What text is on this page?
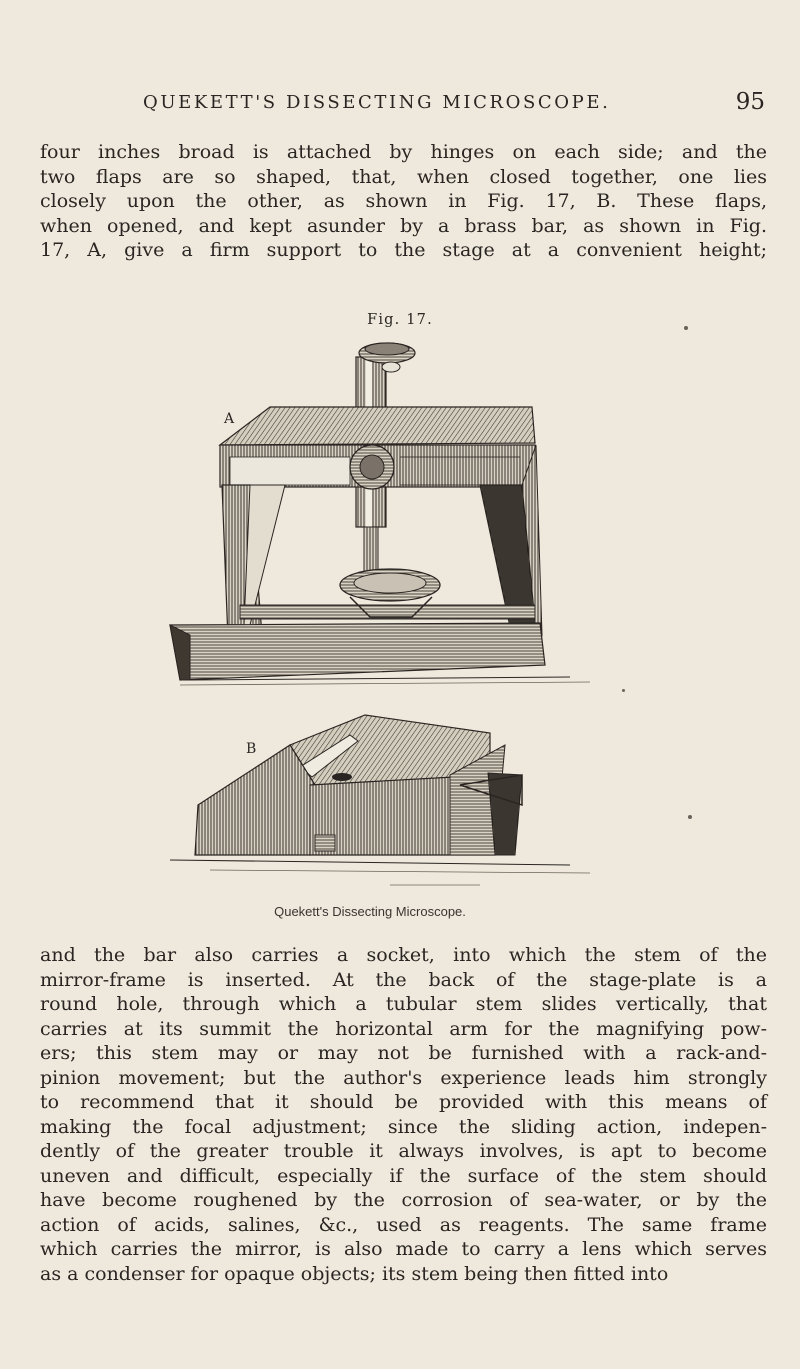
QUEKETT'S DISSECTING MICROSCOPE.	95
four inches broad is attached by hinges on each side; and the
two flaps are so shaped, that, when closed together, one lies
closely upon the other, as shown in Fig. 17, B. These flaps,
when opened, and kept asunder by a brass bar, as shown in Fig.
17, A, give a firm support to the stage at a convenient height;
Fig. 17.
A
B
Quekett's Dissecting Microscope.
and the bar also carries a socket, into which the stem of the
mirror-frame is inserted. At the back of the stage-plate is a
round hole, through which a tubular stem slides vertically, that
carries at its summit the horizontal arm for the magnifying pow-
ers; this stem may or may not be furnished with a rack-and-
pinion movement; but the author's experience leads him strongly
to recommend that it should be provided with this means of
making the focal adjustment; since the sliding action, indepen-
dently of the greater trouble it always involves, is apt to become
uneven and difficult, especially if the surface of the stem should
have become roughened by the corrosion of sea-water, or by the
action of acids, salines, &c., used as reagents. The same frame
which carries the mirror, is also made to carry a lens which serves
as a condenser for opaque objects; its stem being then fitted into
